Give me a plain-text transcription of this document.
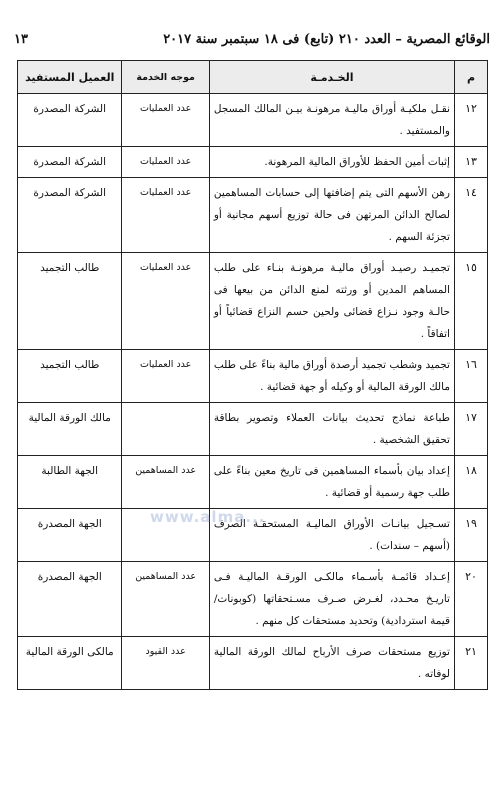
الوقائع المصرية – العدد ٢١٠ (تابع) فى ١٨ سبتمبر سنة ٢٠١٧
١٣
م	الخـدمـة	موجه الخدمة	العميل المستفيد
١٢	نقـل ملكيـة أوراق ماليـة مرهونـة بيـن المالك المسجل والمستفيد .	عدد العمليات	الشركة المصدرة
١٣	إثبات أمين الحفظ للأوراق المالية المرهونة.	عدد العمليات	الشركة المصدرة
١٤	رهن الأسهم التى يتم إضافتها إلى حسابات المساهمين لصالح الدائن المرتهن فى حالة توزيع أسهم مجانية أو تجزئة السهم .	عدد العمليات	الشركة المصدرة
١٥	تجميـد رصيـد أوراق ماليـة مرهونـة بنـاء على طلب المساهم المدين أو ورثته لمنع الدائن من بيعها فى حالـة وجود نـزاع قضائى ولحين حسم النزاع قضائياً أو اتفاقاً .	عدد العمليات	طالب التجميد
١٦	تجميد وشطب تجميد أرصدة أوراق مالية بناءً على طلب مالك الورقة المالية أو وكيله أو جهة قضائية .	عدد العمليات	طالب التجميد
١٧	طباعة نماذج تحديث بيانات العملاء وتصوير بطاقة تحقيق الشخصية .		مالك الورقة المالية
١٨	إعداد بيان بأسماء المساهمين فى تاريخ معين بناءً على طلب جهة رسمية أو قضائية .	عدد المساهمين	الجهة الطالبة
١٩	تسـجيل بيانـات الأوراق الماليـة المستحقـة الصرف (أسهم – سندات) .		الجهة المصدرة
٢٠	إعـداد قائمـة بأسـماء مالكـى الورقـة الماليـة فـى تاريـخ محـدد، لغـرض صـرف مسـتحقاتها (كوبونات/ قيمة استردادية) وتحديد مستحقات كل منهم .	عدد المساهمين	الجهة المصدرة
٢١	توزيع مستحقات صرف الأرباح لمالك الورقة المالية لوفاته .	عدد القيود	مالكى الورقة المالية
www.alma...
